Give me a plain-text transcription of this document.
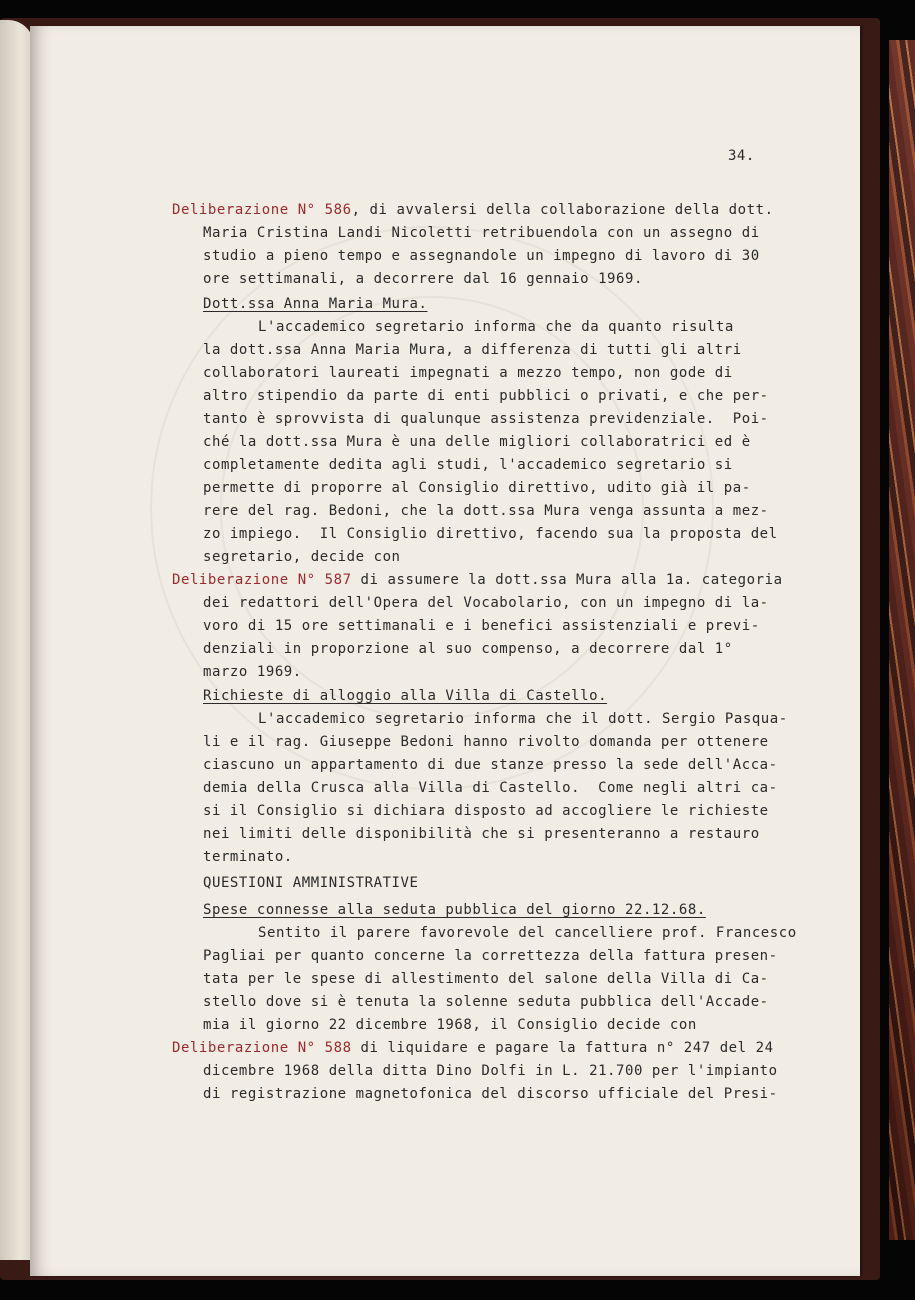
34.
Deliberazione N° 586, di avvalersi della collaborazione della dott.
Maria Cristina Landi Nicoletti retribuendola con un assegno di
studio a pieno tempo e assegnandole un impegno di lavoro di 30
ore settimanali, a decorrere dal 16 gennaio 1969.
Dott.ssa Anna Maria Mura.
L'accademico segretario informa che da quanto risulta
la dott.ssa Anna Maria Mura, a differenza di tutti gli altri
collaboratori laureati impegnati a mezzo tempo, non gode di
altro stipendio da parte di enti pubblici o privati, e che per-
tanto è sprovvista di qualunque assistenza previdenziale.  Poi-
ché la dott.ssa Mura è una delle migliori collaboratrici ed è
completamente dedita agli studi, l'accademico segretario si
permette di proporre al Consiglio direttivo, udito già il pa-
rere del rag. Bedoni, che la dott.ssa Mura venga assunta a mez-
zo impiego.  Il Consiglio direttivo, facendo sua la proposta del
segretario, decide con
Deliberazione N° 587 di assumere la dott.ssa Mura alla 1a. categoria
dei redattori dell'Opera del Vocabolario, con un impegno di la-
voro di 15 ore settimanali e i benefici assistenziali e previ-
denziali in proporzione al suo compenso, a decorrere dal 1°
marzo 1969.
Richieste di alloggio alla Villa di Castello.
L'accademico segretario informa che il dott. Sergio Pasqua-
li e il rag. Giuseppe Bedoni hanno rivolto domanda per ottenere
ciascuno un appartamento di due stanze presso la sede dell'Acca-
demia della Crusca alla Villa di Castello.  Come negli altri ca-
si il Consiglio si dichiara disposto ad accogliere le richieste
nei limiti delle disponibilità che si presenteranno a restauro
terminato.
QUESTIONI AMMINISTRATIVE
Spese connesse alla seduta pubblica del giorno 22.12.68.
Sentito il parere favorevole del cancelliere prof. Francesco
Pagliai per quanto concerne la correttezza della fattura presen-
tata per le spese di allestimento del salone della Villa di Ca-
stello dove si è tenuta la solenne seduta pubblica dell'Accade-
mia il giorno 22 dicembre 1968, il Consiglio decide con
Deliberazione N° 588 di liquidare e pagare la fattura n° 247 del 24
dicembre 1968 della ditta Dino Dolfi in L. 21.700 per l'impianto
di registrazione magnetofonica del discorso ufficiale del Presi-
